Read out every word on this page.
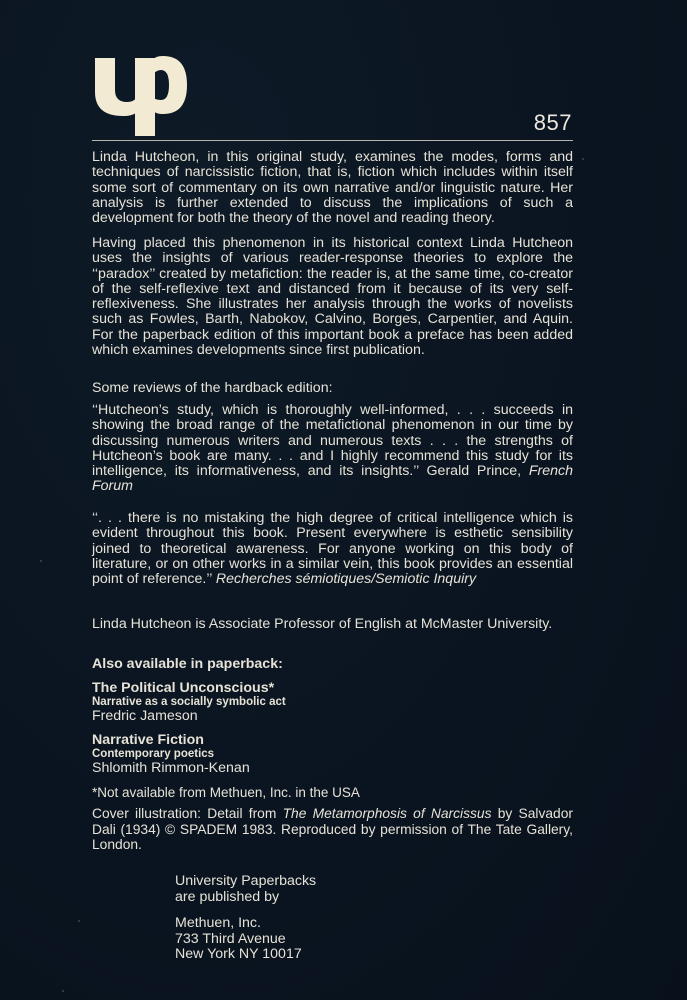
857

Linda Hutcheon, in this original study, examines the modes, forms and techniques of narcissistic fiction, that is, fiction which includes within itself some sort of commentary on its own narrative and/or linguistic nature. Her analysis is further extended to discuss the implications of such a development for both the theory of the novel and reading theory.

Having placed this phenomenon in its historical context Linda Hutcheon uses the insights of various reader-response theories to explore the ‘‘paradox’’ created by metafiction: the reader is, at the same time, co-creator of the self-reflexive text and distanced from it because of its very self-reflexiveness. She illustrates her analysis through the works of novelists such as Fowles, Barth, Nabokov, Calvino, Borges, Carpentier, and Aquin. For the paperback edition of this important book a preface has been added which examines developments since first publication.

Some reviews of the hardback edition:

‘‘Hutcheon’s study, which is thoroughly well-informed, . . . succeeds in showing the broad range of the metafictional phenomenon in our time by discussing numerous writers and numerous texts . . . the strengths of Hutcheon’s book are many. . . and I highly recommend this study for its intelligence, its informativeness, and its insights.’’ Gerald Prince, French Forum

‘‘. . . there is no mistaking the high degree of critical intelligence which is evident throughout this book. Present everywhere is esthetic sensibility joined to theoretical awareness. For anyone working on this body of literature, or on other works in a similar vein, this book provides an essential point of reference.’’ Recherches sémiotiques/Semiotic Inquiry

Linda Hutcheon is Associate Professor of English at McMaster University.

Also available in paperback:
The Political Unconscious*
Narrative as a socially symbolic act
Fredric Jameson
Narrative Fiction
Contemporary poetics
Shlomith Rimmon-Kenan
*Not available from Methuen, Inc. in the USA

Cover illustration: Detail from The Metamorphosis of Narcissus by Salvador Dali (1934) © SPADEM 1983. Reproduced by permission of The Tate Gallery, London.

University Paperbacks
are published by
Methuen, Inc.
733 Third Avenue
New York NY 10017
